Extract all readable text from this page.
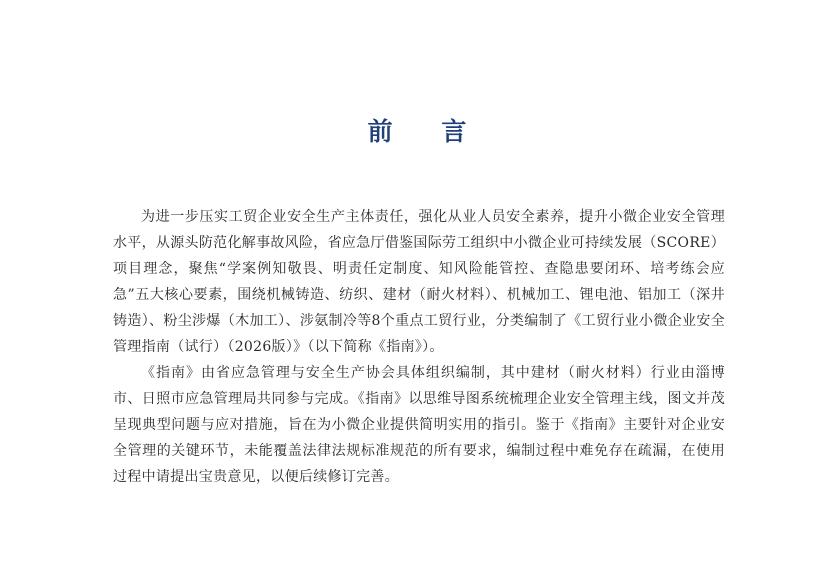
前 言

为进一步压实工贸企业安全生产主体责任，强化从业人员安全素养，提升小微企业安全管理水平，从源头防范化解事故风险，省应急厅借鉴国际劳工组织中小微企业可持续发展（SCORE）项目理念，聚焦“学案例知敬畏、明责任定制度、知风险能管控、查隐患要闭环、培考练会应急”五大核心要素，围绕机械铸造、纺织、建材（耐火材料）、机械加工、锂电池、铝加工（深井铸造）、粉尘涉爆（木加工）、涉氨制冷等8个重点工贸行业，分类编制了《工贸行业小微企业安全管理指南（试行）（2026版）》（以下简称《指南》）。

《指南》由省应急管理与安全生产协会具体组织编制，其中建材（耐火材料）行业由淄博市、日照市应急管理局共同参与完成。《指南》以思维导图系统梳理企业安全管理主线，图文并茂呈现典型问题与应对措施，旨在为小微企业提供简明实用的指引。鉴于《指南》主要针对企业安全管理的关键环节，未能覆盖法律法规标准规范的所有要求，编制过程中难免存在疏漏，在使用过程中请提出宝贵意见，以便后续修订完善。
